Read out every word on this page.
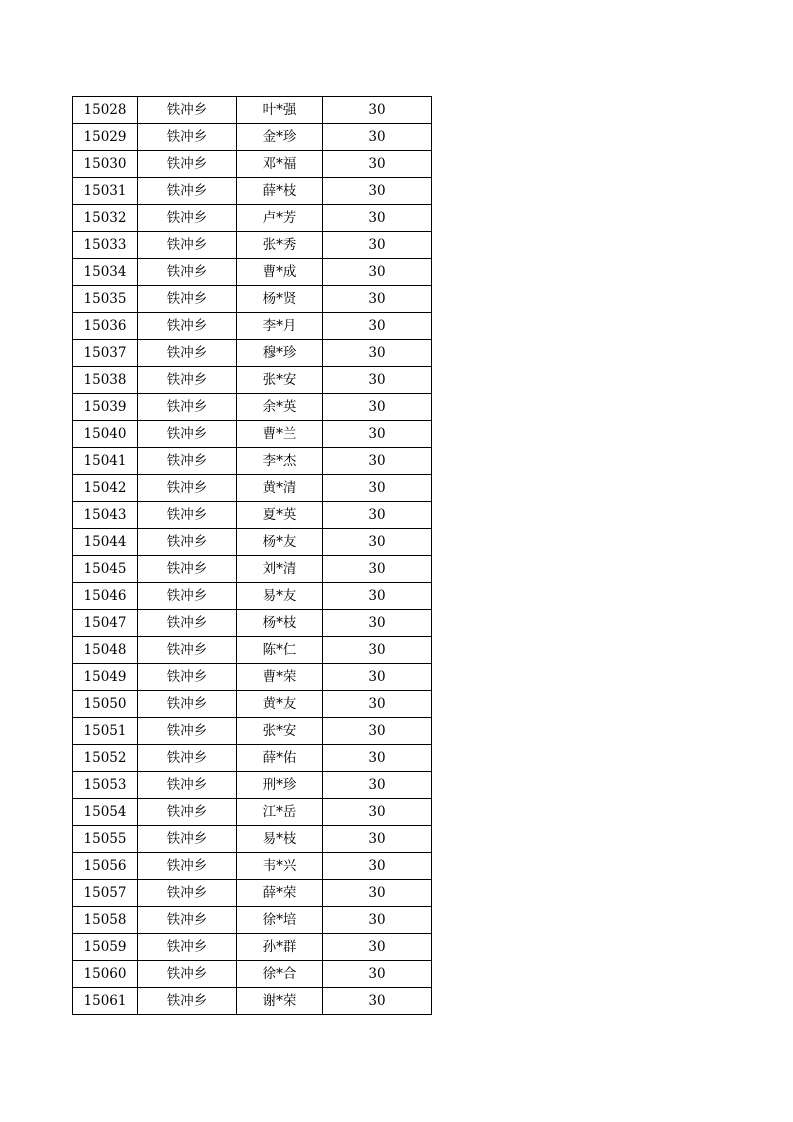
15028	铁冲乡	叶*强	30
15029	铁冲乡	金*珍	30
15030	铁冲乡	邓*福	30
15031	铁冲乡	薛*枝	30
15032	铁冲乡	卢*芳	30
15033	铁冲乡	张*秀	30
15034	铁冲乡	曹*成	30
15035	铁冲乡	杨*贤	30
15036	铁冲乡	李*月	30
15037	铁冲乡	穆*珍	30
15038	铁冲乡	张*安	30
15039	铁冲乡	余*英	30
15040	铁冲乡	曹*兰	30
15041	铁冲乡	李*杰	30
15042	铁冲乡	黄*清	30
15043	铁冲乡	夏*英	30
15044	铁冲乡	杨*友	30
15045	铁冲乡	刘*清	30
15046	铁冲乡	易*友	30
15047	铁冲乡	杨*枝	30
15048	铁冲乡	陈*仁	30
15049	铁冲乡	曹*荣	30
15050	铁冲乡	黄*友	30
15051	铁冲乡	张*安	30
15052	铁冲乡	薛*佑	30
15053	铁冲乡	刑*珍	30
15054	铁冲乡	江*岳	30
15055	铁冲乡	易*枝	30
15056	铁冲乡	韦*兴	30
15057	铁冲乡	薛*荣	30
15058	铁冲乡	徐*培	30
15059	铁冲乡	孙*群	30
15060	铁冲乡	徐*合	30
15061	铁冲乡	谢*荣	30
